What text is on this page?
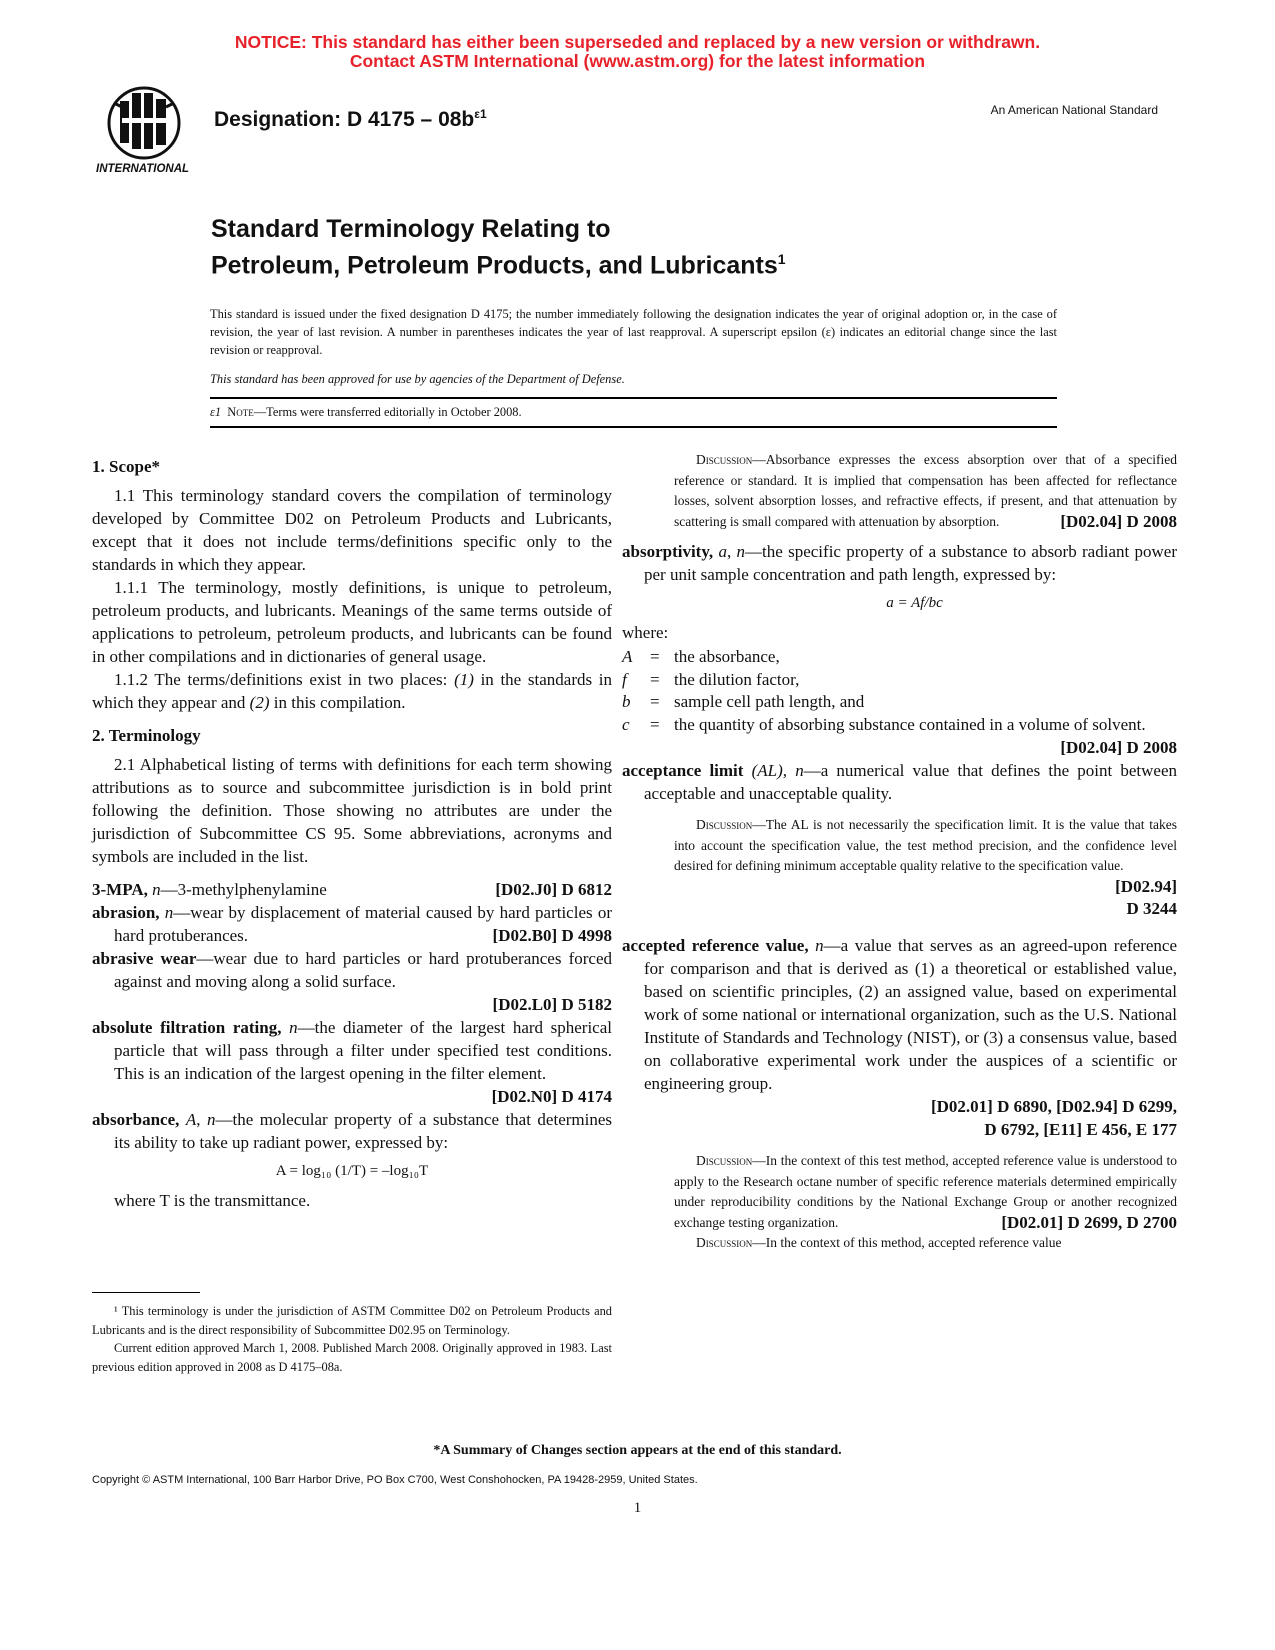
NOTICE: This standard has either been superseded and replaced by a new version or withdrawn.
Contact ASTM International (www.astm.org) for the latest information
INTERNATIONAL
Designation: D $4175 - 08b^{\varepsilon 1}$	An American National Standard
Standard Terminology Relating to
Petroleum, Petroleum Products, and Lubricants$^1$
This standard is issued under the fixed designation D 4175; the number immediately following the designation indicates the year of original adoption or, in the case of revision, the year of last revision. A number in parentheses indicates the year of last reapproval. A superscript epsilon (ε) indicates an editorial change since the last revision or reapproval.
This standard has been approved for use by agencies of the Department of Defense.
ε1 Note—Terms were transferred editorially in October 2008.
1. Scope*

1.1 This terminology standard covers the compilation of terminology developed by Committee D02 on Petroleum Products and Lubricants, except that it does not include terms/definitions specific only to the standards in which they appear.

1.1.1 The terminology, mostly definitions, is unique to petroleum, petroleum products, and lubricants. Meanings of the same terms outside of applications to petroleum, petroleum products, and lubricants can be found in other compilations and in dictionaries of general usage.

1.1.2 The terms/definitions exist in two places: (1) in the standards in which they appear and (2) in this compilation.

2. Terminology

2.1 Alphabetical listing of terms with definitions for each term showing attributions as to source and subcommittee jurisdiction is in bold print following the definition. Those showing no attributes are under the jurisdiction of Subcommittee CS 95. Some abbreviations, acronyms and symbols are included in the list.

3-MPA, n—3-methylphenylamine	[D02.J0] D 6812

abrasion, n—wear by displacement of material caused by hard particles or hard protuberances.	[D02.B0] D 4998

abrasive wear—wear due to hard particles or hard protuberances forced against and moving along a solid surface.

[D02.L0] D 5182

absolute filtration rating, n—the diameter of the largest hard spherical particle that will pass through a filter under specified test conditions. This is an indication of the largest opening in the filter element.
[D02.N0] D 4174

absorbance, A, n—the molecular property of a substance that determines its ability to take up radiant power, expressed by:

A = log₁₀ (1/T) = –log₁₀T

where T is the transmittance.

¹ This terminology is under the jurisdiction of ASTM Committee D02 on Petroleum Products and Lubricants and is the direct responsibility of Subcommittee D02.95 on Terminology.

Current edition approved March 1, 2008. Published March 2008. Originally approved in 1983. Last previous edition approved in 2008 as D 4175–08a.

Discussion—Absorbance expresses the excess absorption over that of a specified reference or standard. It is implied that compensation has been affected for reflectance losses, solvent absorption losses, and refractive effects, if present, and that attenuation by scattering is small compared with attenuation by absorption.	[D02.04] D 2008

absorptivity, a, n—the specific property of a substance to absorb radiant power per unit sample concentration and path length, expressed by:

a = Af/bc
where:
A	= the absorbance,
f	= the dilution factor,
b	= sample cell path length, and
c	= the quantity of absorbing substance contained in a volume of solvent.
[D02.04] D 2008

acceptance limit (AL), n—a numerical value that defines the point between acceptable and unacceptable quality.

Discussion—The AL is not necessarily the specification limit. It is the value that takes into account the specification value, the test method precision, and the confidence level desired for defining minimum acceptable quality relative to the specification value.
[D02.94]

D 3244

accepted reference value, n—a value that serves as an agreed-upon reference for comparison and that is derived as (1) a theoretical or established value, based on scientific principles, (2) an assigned value, based on experimental work of some national or international organization, such as the U.S. National Institute of Standards and Technology (NIST), or (3) a consensus value, based on collaborative experimental work under the auspices of a scientific or engineering group.

[D02.01] D 6890, [D02.94] D 6299,
D 6792, [E11] E 456, E 177

Discussion—In the context of this test method, accepted reference value is understood to apply to the Research octane number of specific reference materials determined empirically under reproducibility conditions by the National Exchange Group or another recognized exchange testing organization.	[D02.01] D 2699, D 2700

Discussion—In the context of this method, accepted reference value

*A Summary of Changes section appears at the end of this standard.
Copyright © ASTM International, 100 Barr Harbor Drive, PO Box C700, West Conshohocken, PA 19428-2959, United States.
1
